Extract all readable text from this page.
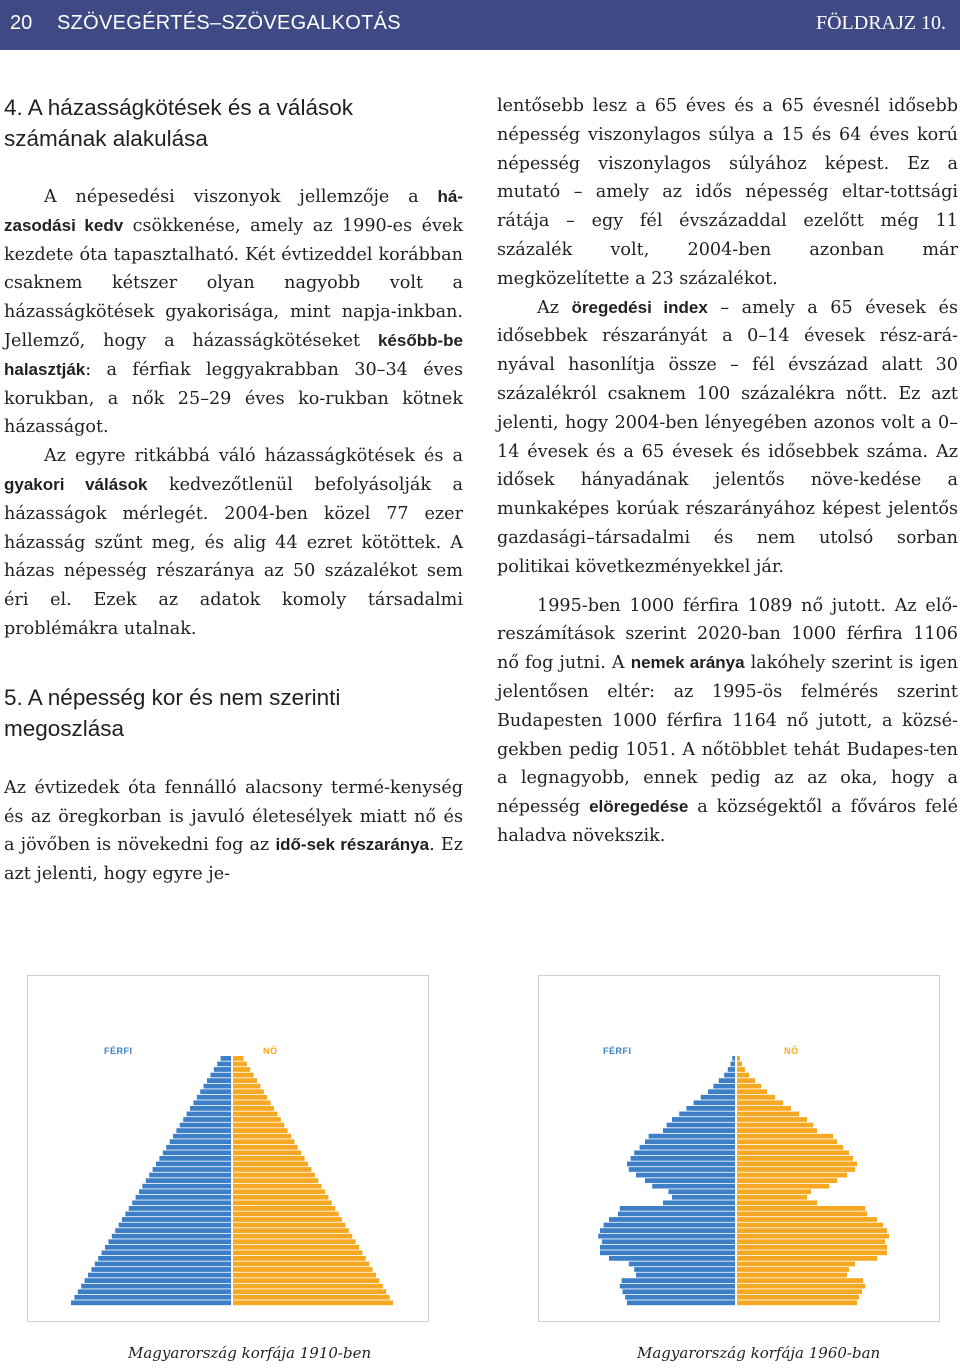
20 SZÖVEGÉRTÉS–SZÖVEGALKOTÁS	FÖLDRAJZ 10.
4. A házasságkötések és a válások
számának alakulása

A népesedési viszonyok jellemzője a há-zasodási kedv csökkenése, amely az 1990-es évek kezdete óta tapasztalható. Két évtizeddel korábban csaknem kétszer olyan nagyobb volt a házasságkötések gyakorisága, mint napja-inkban. Jellemző, hogy a házasságkötéseket később-be halasztják: a férfiak leggyakrabban 30–34 éves korukban, a nők 25–29 éves ko-rukban kötnek házasságot.

Az egyre ritkábbá váló házasságkötések és a gyakori válások kedvezőtlenül befolyásolják a házasságok mérlegét. 2004-ben közel 77 ezer házasság szűnt meg, és alig 44 ezret kötöttek. A házas népesség részaránya az 50 százalékot sem éri el. Ezek az adatok komoly társadalmi problémákra utalnak.

5. A népesség kor és nem szerinti
megoszlása

Az évtizedek óta fennálló alacsony termé-kenység és az öregkorban is javuló életesélyek miatt nő és a jövőben is növekedni fog az idő-sek részaránya. Ez azt jelenti, hogy egyre je-

lentősebb lesz a 65 éves és a 65 évesnél idősebb népesség viszonylagos súlya a 15 és 64 éves korú népesség viszonylagos súlyához képest. Ez a mutató – amely az idős népesség eltar-tottsági rátája – egy fél évszázaddal ezelőtt még 11 százalék volt, 2004-ben azonban már megközelítette a 23 százalékot.

Az öregedési index – amely a 65 évesek és idősebbek részarányát a 0–14 évesek rész-ará-nyával hasonlítja össze – fél évszázad alatt 30 százalékról csaknem 100 százalékra nőtt. Ez azt jelenti, hogy 2004-ben lényegében azonos volt a 0–14 évesek és a 65 évesek és idősebbek száma. Az idősek hányadának jelentős növe-kedése a munkaképes korúak részarányához képest jelentős gazdasági–társadalmi és nem utolsó sorban politikai következményekkel jár.

1995-ben 1000 férfira 1089 nő jutott. Az elő-reszámítások szerint 2020-ban 1000 férfira 1106 nő fog jutni. A nemek aránya lakóhely szerint is igen jelentősen eltér: az 1995-ös felmérés szerint Budapesten 1000 férfira 1164 nő jutott, a közsé-gekben pedig 1051. A nőtöbblet tehát Budapes-ten a legnagyobb, ennek pedig az az oka, hogy a népesség elöregedése a községektől a főváros felé haladva növekszik.

FÉRFI	NŐ
Magyarország korfája 1910-ben
FÉRFI	NŐ
Magyarország korfája 1960-ban
